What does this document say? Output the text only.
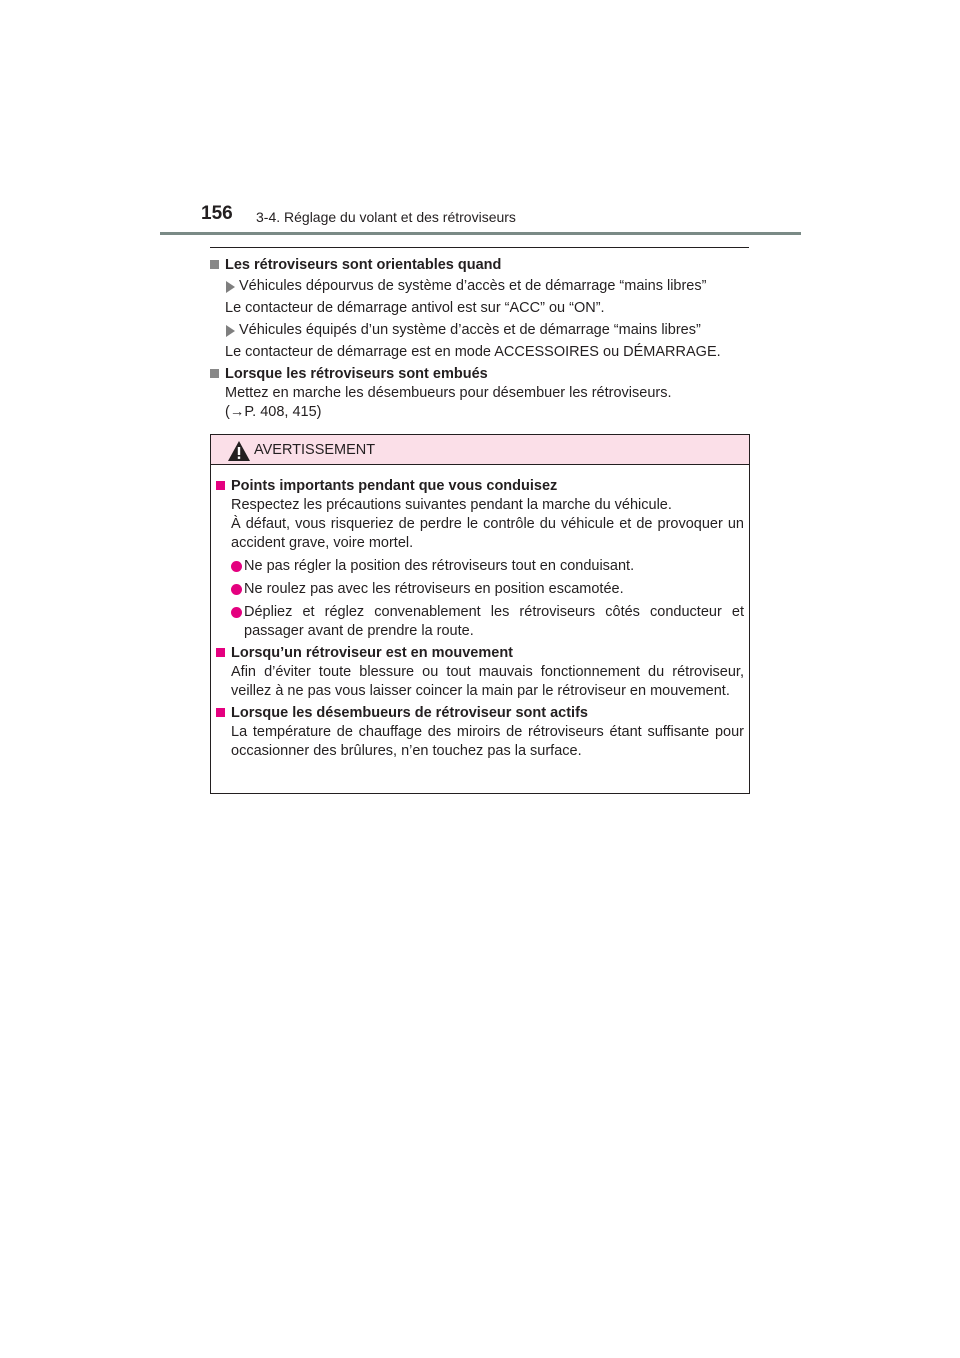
156 3-4. Réglage du volant et des rétroviseurs
Les rétroviseurs sont orientables quand
Véhicules dépourvus de système d’accès et de démarrage “mains libres”
Le contacteur de démarrage antivol est sur “ACC” ou “ON”.
Véhicules équipés d’un système d’accès et de démarrage “mains libres”
Le contacteur de démarrage est en mode ACCESSOIRES ou DÉMARRAGE.
Lorsque les rétroviseurs sont embués
Mettez en marche les désembueurs pour désembuer les rétroviseurs.
(→P. 408, 415)
AVERTISSEMENT
Points importants pendant que vous conduisez
Respectez les précautions suivantes pendant la marche du véhicule.
À défaut, vous risqueriez de perdre le contrôle du véhicule et de provoquer un accident grave, voire mortel.
Ne pas régler la position des rétroviseurs tout en conduisant.
Ne roulez pas avec les rétroviseurs en position escamotée.
Dépliez et réglez convenablement les rétroviseurs côtés conducteur et passager avant de prendre la route.
Lorsqu’un rétroviseur est en mouvement
Afin d’éviter toute blessure ou tout mauvais fonctionnement du rétroviseur, veillez à ne pas vous laisser coincer la main par le rétroviseur en mouvement.
Lorsque les désembueurs de rétroviseur sont actifs
La température de chauffage des miroirs de rétroviseurs étant suffisante pour occasionner des brûlures, n’en touchez pas la surface.
